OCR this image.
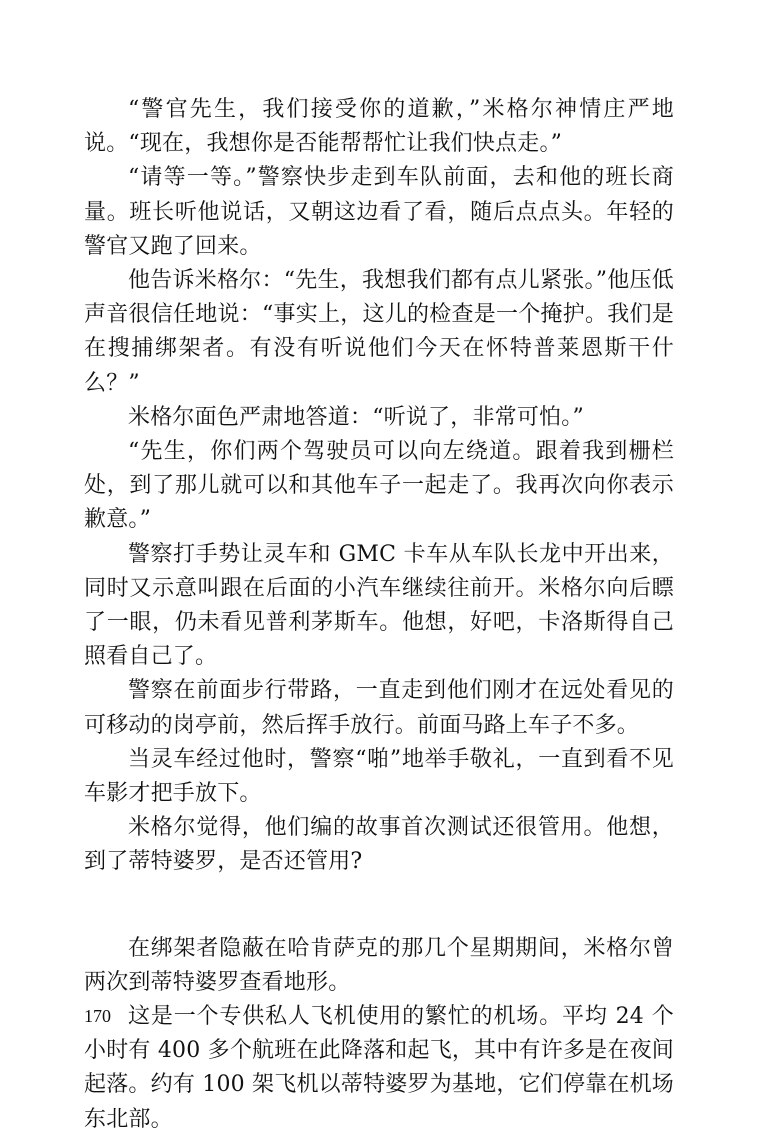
“警官先生，我们接受你的道歉，”米格尔神情庄严地说。“现在，我想你是否能帮帮忙让我们快点走。”

“请等一等。”警察快步走到车队前面，去和他的班长商量。班长听他说话，又朝这边看了看，随后点点头。年轻的警官又跑了回来。

他告诉米格尔：“先生，我想我们都有点儿紧张。”他压低声音很信任地说：“事实上，这儿的检查是一个掩护。我们是在搜捕绑架者。有没有听说他们今天在怀特普莱恩斯干什么？”

米格尔面色严肃地答道：“听说了，非常可怕。”

“先生，你们两个驾驶员可以向左绕道。跟着我到栅栏处，到了那儿就可以和其他车子一起走了。我再次向你表示歉意。”

警察打手势让灵车和 GMC 卡车从车队长龙中开出来，同时又示意叫跟在后面的小汽车继续往前开。米格尔向后瞟了一眼，仍未看见普利茅斯车。他想，好吧，卡洛斯得自己照看自己了。

警察在前面步行带路，一直走到他们刚才在远处看见的可移动的岗亭前，然后挥手放行。前面马路上车子不多。

当灵车经过他时，警察“啪”地举手敬礼，一直到看不见车影才把手放下。

米格尔觉得，他们编的故事首次测试还很管用。他想，到了蒂特婆罗，是否还管用?

在绑架者隐蔽在哈肯萨克的那几个星期期间，米格尔曾两次到蒂特婆罗查看地形。

这是一个专供私人飞机使用的繁忙的机场。平均 24 个小时有 400 多个航班在此降落和起飞，其中有许多是在夜间起落。约有 100 架飞机以蒂特婆罗为基地，它们停靠在机场东北部。

170
